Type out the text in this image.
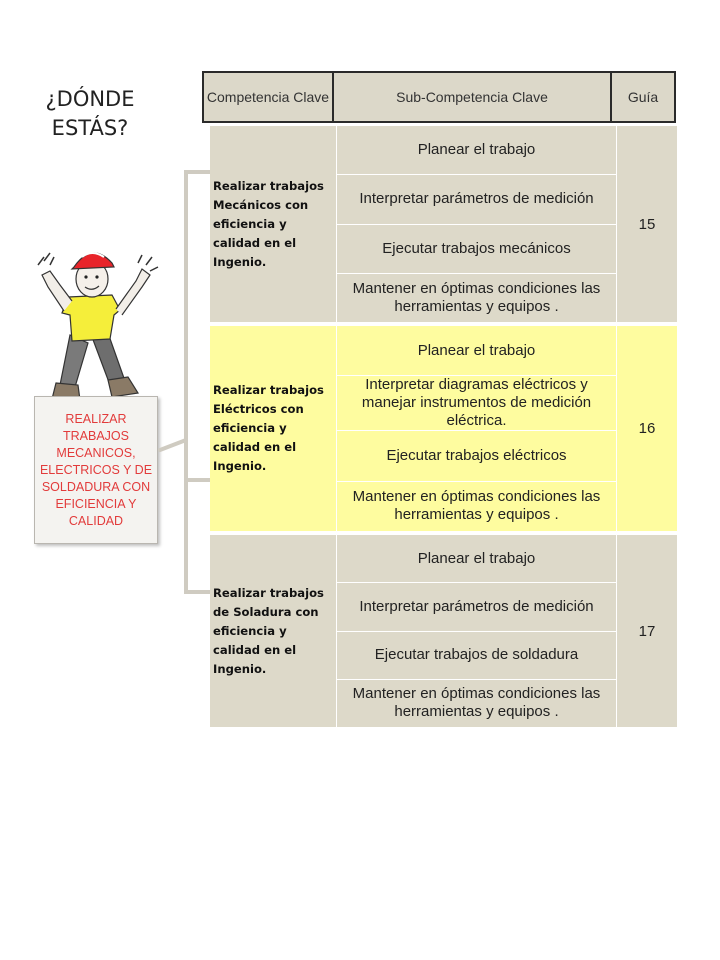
¿DÓNDE
ESTÁS?
REALIZAR TRABAJOS MECANICOS, ELECTRICOS Y DE SOLDADURA CON EFICIENCIA Y CALIDAD
Competencia Clave	Sub-Competencia Clave	Guía
Realizar trabajos Mecánicos con eficiencia y calidad en el Ingenio.
Planear el trabajo
Interpretar parámetros de medición
Ejecutar trabajos mecánicos
Mantener en óptimas condiciones las herramientas y equipos .
15
Realizar trabajos Eléctricos con eficiencia y calidad en el Ingenio.
Planear el trabajo
Interpretar diagramas eléctricos y manejar instrumentos de medición eléctrica.
Ejecutar trabajos eléctricos
Mantener en óptimas condiciones las herramientas y equipos .
16
Realizar trabajos de Soladura con eficiencia y calidad en el Ingenio.
Planear el trabajo
Interpretar parámetros de medición
Ejecutar trabajos de soldadura
Mantener en óptimas condiciones las herramientas y equipos .
17
